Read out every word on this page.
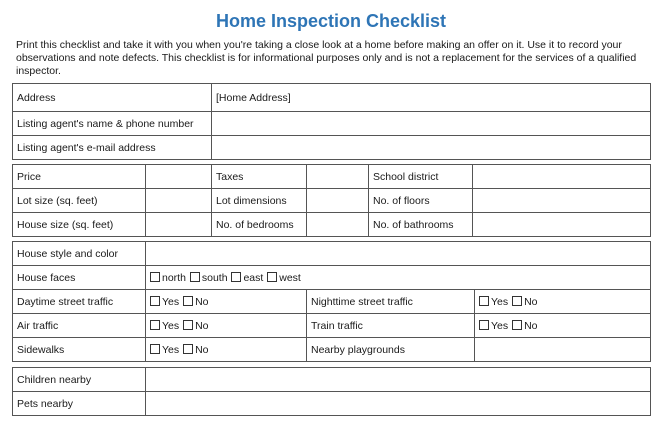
Home Inspection Checklist
Print this checklist and take it with you when you're taking a close look at a home before making an offer on it. Use it to record your observations and note defects. This checklist is for informational purposes only and is not a replacement for the services of a qualified inspector.
Address	[Home Address]
Listing agent's name & phone number	
Listing agent's e-mail address	
Price		Taxes		School district	
Lot size (sq. feet)		Lot dimensions		No. of floors	
House size (sq. feet)		No. of bedrooms		No. of bathrooms	
House style and color			
House faces	north south east west		
Daytime street traffic	Yes No	Nighttime street traffic	Yes No
Air traffic	Yes No	Train traffic	Yes No
Sidewalks	Yes No	Nearby playgrounds	
Children nearby	
Pets nearby	
